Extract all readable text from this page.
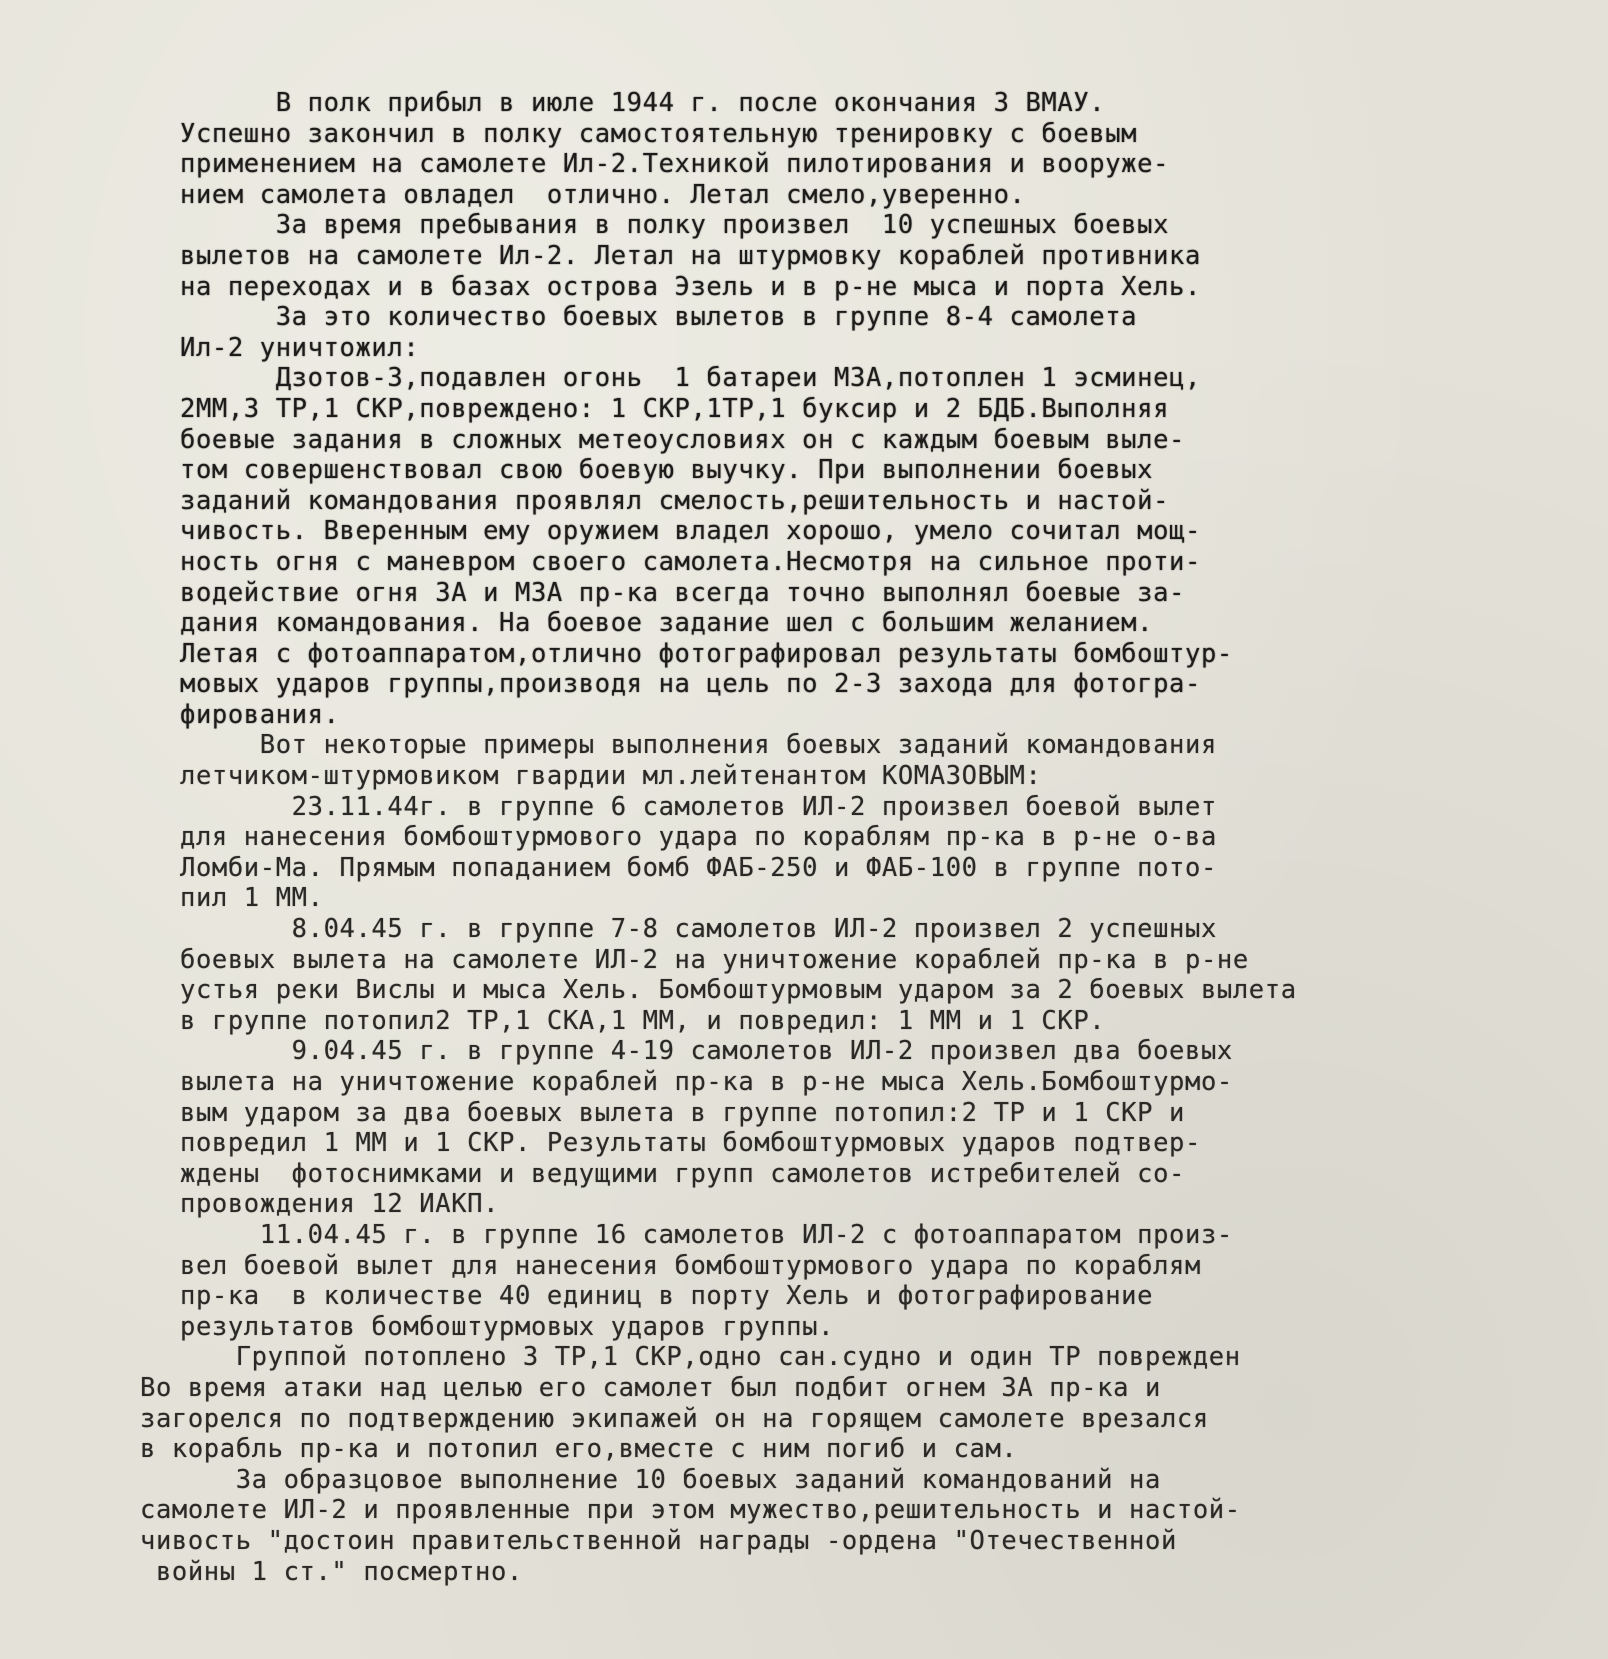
В полк прибыл в июле 1944 г. после окончания 3 ВМАУ.
Успешно закончил в полку самостоятельную тренировку с боевым
применением на самолете Ил-2.Техникой пилотирования и вооруже-
нием самолета овладел  отлично. Летал смело,уверенно.
За время пребывания в полку произвел  10 успешных боевых
вылетов на самолете Ил-2. Летал на штурмовку кораблей противника
на переходах и в базах острова Эзель и в р-не мыса и порта Хель.
За это количество боевых вылетов в группе 8-4 самолета
Ил-2 уничтожил:
Дзотов-3,подавлен огонь  1 батареи МЗА,потоплен 1 эсминец,
2ММ,3 ТР,1 СКР,повреждено: 1 СКР,1ТР,1 буксир и 2 БДБ.Выполняя
боевые задания в сложных метеоусловиях он с каждым боевым выле-
том совершенствовал свою боевую выучку. При выполнении боевых
заданий командования проявлял смелость,решительность и настой-
чивость. Вверенным ему оружием владел хорошо, умело сочитал мощ-
ность огня с маневром своего самолета.Несмотря на сильное проти-
водействие огня ЗА и МЗА пр-ка всегда точно выполнял боевые за-
дания командования. На боевое задание шел с большим желанием.
Летая с фотоаппаратом,отлично фотографировал результаты бомбоштур-
мовых ударов группы,производя на цель по 2-3 захода для фотогра-
фирования.
Вот некоторые примеры выполнения боевых заданий командования
летчиком-штурмовиком гвардии мл.лейтенантом КОМАЗОВЫМ:
23.11.44г. в группе 6 самолетов ИЛ-2 произвел боевой вылет
для нанесения бомбоштурмового удара по кораблям пр-ка в р-не о-ва
Ломби-Ма. Прямым попаданием бомб ФАБ-250 и ФАБ-100 в группе пото-
пил 1 ММ.
8.04.45 г. в группе 7-8 самолетов ИЛ-2 произвел 2 успешных
боевых вылета на самолете ИЛ-2 на уничтожение кораблей пр-ка в р-не
устья реки Вислы и мыса Хель. Бомбоштурмовым ударом за 2 боевых вылета
в группе потопил2 ТР,1 СКА,1 ММ, и повредил: 1 ММ и 1 СКР.
9.04.45 г. в группе 4-19 самолетов ИЛ-2 произвел два боевых
вылета на уничтожение кораблей пр-ка в р-не мыса Хель.Бомбоштурмо-
вым ударом за два боевых вылета в группе потопил:2 ТР и 1 СКР и
повредил 1 ММ и 1 СКР. Результаты бомбоштурмовых ударов подтвер-
ждены  фотоснимками и ведущими групп самолетов истребителей со-
провождения 12 ИАКП.
11.04.45 г. в группе 16 самолетов ИЛ-2 с фотоаппаратом произ-
вел боевой вылет для нанесения бомбоштурмового удара по кораблям
пр-ка  в количестве 40 единиц в порту Хель и фотографирование
результатов бомбоштурмовых ударов группы.
Группой потоплено 3 ТР,1 СКР,одно сан.судно и один ТР поврежден
Во время атаки над целью его самолет был подбит огнем ЗА пр-ка и
загорелся по подтверждению экипажей он на горящем самолете врезался
в корабль пр-ка и потопил его,вместе с ним погиб и сам.
За образцовое выполнение 10 боевых заданий командований на
самолете ИЛ-2 и проявленные при этом мужество,решительность и настой-
чивость "достоин правительственной награды -ордена "Отечественной
войны 1 ст." посмертно.
